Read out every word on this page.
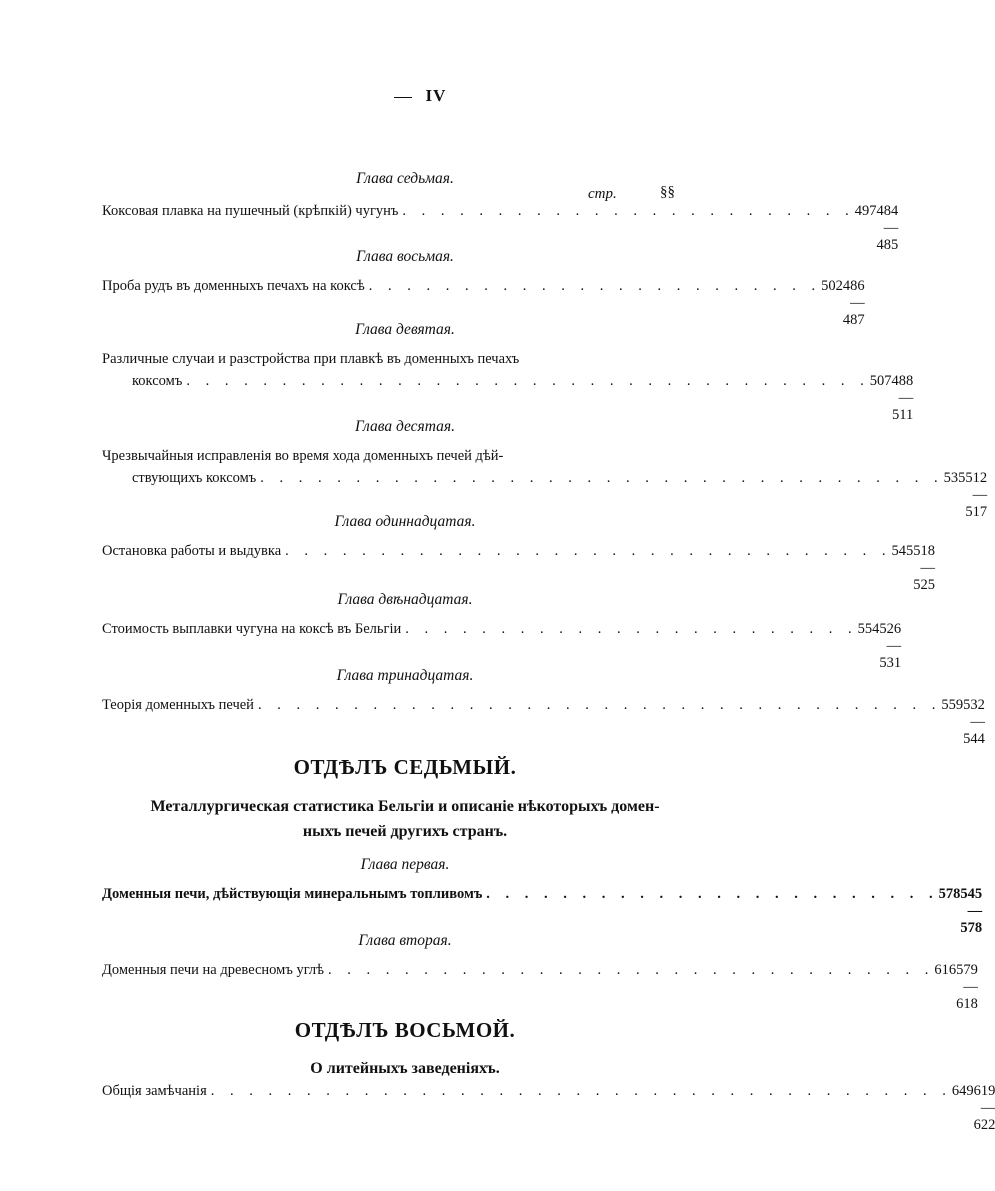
IV
Глава седьмая.
стр.	§§
Коксовая плавка на пушечный (крѣпкій) чугунъ . . . . . . . . . . . . . . . . . . . . . . . . 497 484 — 485
Глава восьмая.
Проба рудъ въ доменныхъ печахъ на коксѣ . . . . . . . . . . . . . . . . . . . . . . . . 502 486 — 487
Глава девятая.
Различные случаи и разстройства при плавкѣ въ доменныхъ печахъ
коксомъ . . . . . . . . . . . . . . . . . . . . . . . . . . . . . . . . . . . . 507 488 — 511
Глава десятая.
Чрезвычайныя исправленія во время хода доменныхъ печей дѣй-
ствующихъ коксомъ . . . . . . . . . . . . . . . . . . . . . . . . . . . . . . . . . . . . 535 512 — 517
Глава одиннадцатая.
Остановка работы и выдувка . . . . . . . . . . . . . . . . . . . . . . . . . . . . . . . . 545 518 — 525
Глава двѣнадцатая.
Стоимость выплавки чугуна на коксѣ въ Бельгіи . . . . . . . . . . . . . . . . . . . . . . . . 554 526 — 531
Глава тринадцатая.
Теорія доменныхъ печей . . . . . . . . . . . . . . . . . . . . . . . . . . . . . . . . . . . . 559 532 — 544
ОТДѢЛЪ СЕДЬМЫЙ.
Металлургическая статистика Бельгіи и описаніе нѣкоторыхъ домен-
ныхъ печей другихъ странъ.
Глава первая.
Доменныя печи, дѣйствующія минеральнымъ топливомъ . . . . . . . . . . . . . . . . . . . . . . . . 578 545 — 578
Глава вторая.
Доменныя печи на древесномъ углѣ . . . . . . . . . . . . . . . . . . . . . . . . . . . . . . . . 616 579 — 618
ОТДѢЛЪ ВОСЬМОЙ.
О литейныхъ заведеніяхъ.
Общія замѣчанія . . . . . . . . . . . . . . . . . . . . . . . . . . . . . . . . . . . . . . . 649 619 — 622
